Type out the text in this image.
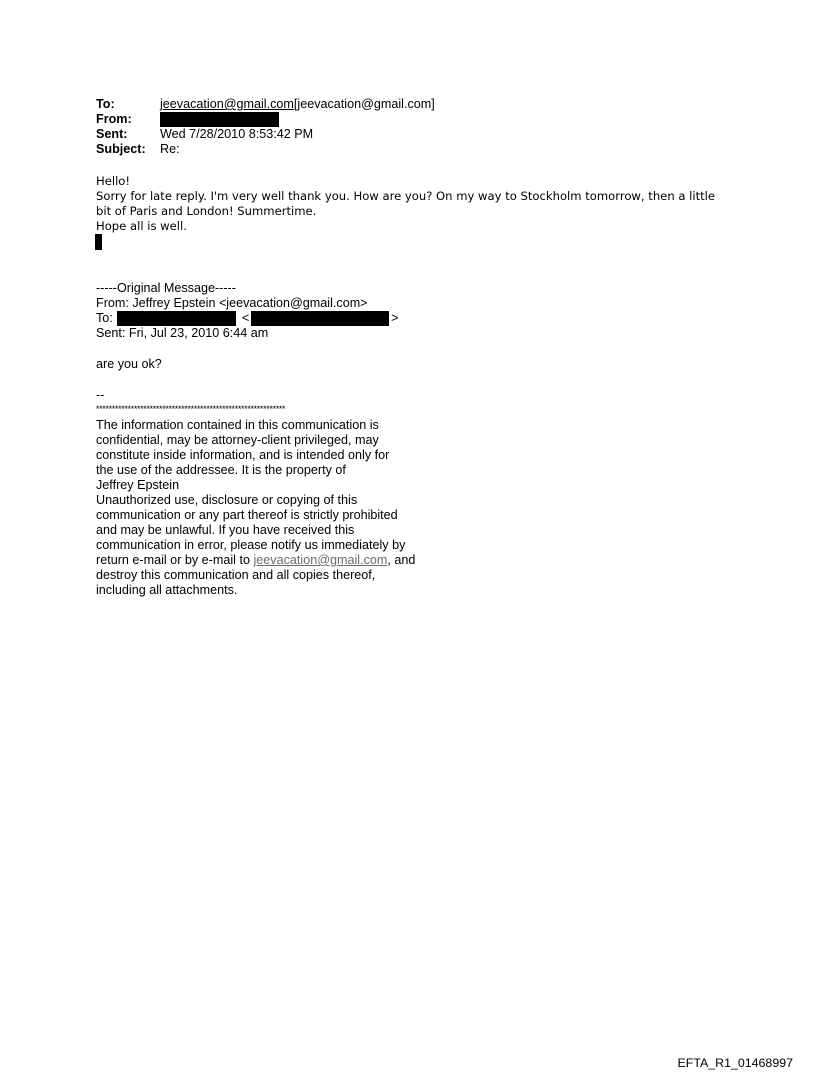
To:	jeevacation@gmail.com[jeevacation@gmail.com]
From:
Sent:	Wed 7/28/2010 8:53:42 PM
Subject: Re:
Hello!
Sorry for late reply. I'm very well thank you. How are you? On my way to Stockholm tomorrow, then a little
bit of Paris and London! Summertime.
Hope all is well.
-----Original Message-----
From: Jeffrey Epstein <jeevacation@gmail.com>
To:	<	>
Sent: Fri, Jul 23, 2010 6:44 am
are you ok?
--
************************************************************
The information contained in this communication is
confidential, may be attorney-client privileged, may
constitute inside information, and is intended only for
the use of the addressee. It is the property of
Jeffrey Epstein
Unauthorized use, disclosure or copying of this
communication or any part thereof is strictly prohibited
and may be unlawful. If you have received this
communication in error, please notify us immediately by
return e-mail or by e-mail to jeevacation@gmail.com, and
destroy this communication and all copies thereof,
including all attachments.
EFTA_R1_01468997
